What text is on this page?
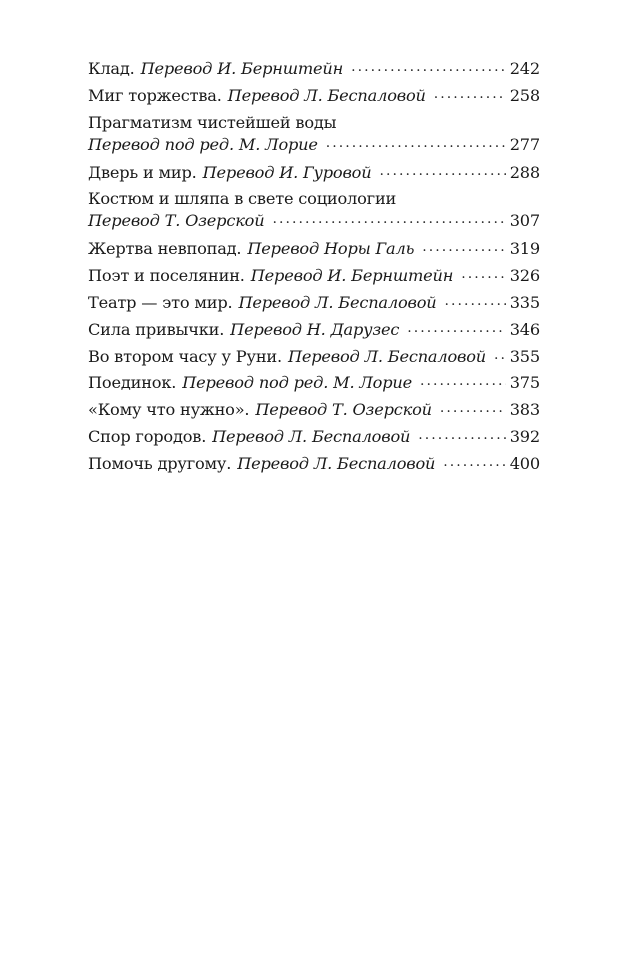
Клад. Перевод И. Бернштейн . . .	242
Миг торжества. Перевод Л. Беспаловой . . .	258
Прагматизм чистейшей воды
Перевод под ред. М. Лорие . . .	277
Дверь и мир. Перевод И. Гуровой . . .	288
Костюм и шляпа в свете социологии
Перевод Т. Озерской . . .	307
Жертва невпопад. Перевод Норы Галь . . .	319
Поэт и поселянин. Перевод И. Бернштейн . . .	326
Театр — это мир. Перевод Л. Беспаловой . . .	335
Сила привычки. Перевод Н. Дарузес . . .	346
Во втором часу у Руни. Перевод Л. Беспаловой . . . 355
Поединок. Перевод под ред. М. Лорие . . .	375
«Кому что нужно». Перевод Т. Озерской . . .	383
Спор городов. Перевод Л. Беспаловой . . .	392
Помочь другому. Перевод Л. Беспаловой . . .	400
